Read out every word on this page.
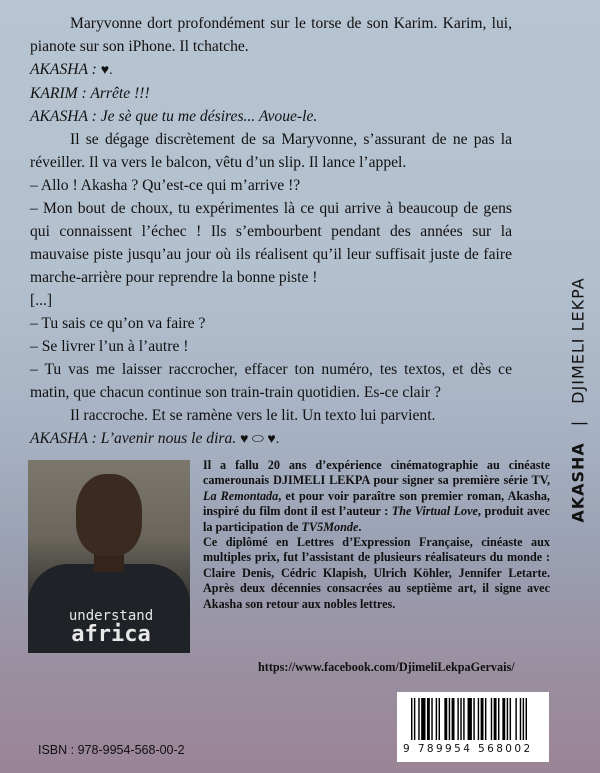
Maryvonne dort profondément sur le torse de son Karim. Karim, lui, pianote sur son iPhone. Il tchatche.

AKASHA : ♥.

KARIM : Arrête !!!

AKASHA : Je sè que tu me désires... Avoue-le.

Il se dégage discrètement de sa Maryvonne, s’assurant de ne pas la réveiller. Il va vers le balcon, vêtu d’un slip. Il lance l’appel.

– Allo ! Akasha ? Qu’est-ce qui m’arrive !?

– Mon bout de choux, tu expérimentes là ce qui arrive à beaucoup de gens qui connaissent l’échec ! Ils s’embourbent pendant des années sur la mauvaise piste jusqu’au jour où ils réalisent qu’il leur suffisait juste de faire marche-arrière pour reprendre la bonne piste !

[...]

– Tu sais ce qu’on va faire ?

– Se livrer l’un à l’autre !

– Tu vas me laisser raccrocher, effacer ton numéro, tes textos, et dès ce matin, que chacun continue son train-train quotidien. Es-ce clair ?

Il raccroche. Et se ramène vers le lit. Un texto lui parvient.

AKASHA : L’avenir nous le dira. ♥ ⬭ ♥.

AKASHA|DJIMELI LEKPA
understand
africa

Il a fallu 20 ans d’expérience cinématographie au cinéaste camerounais DJIMELI LEKPA pour signer sa première série TV, La Remontada, et pour voir paraître son premier roman, Akasha, inspiré du film dont il est l’auteur : The Virtual Love, produit avec la participation de TV5Monde.

Ce diplômé en Lettres d’Expression Française, cinéaste aux multiples prix, fut l’assistant de plusieurs réalisateurs du monde : Claire Denis, Cédric Klapish, Ulrich Köhler, Jennifer Letarte. Après deux décennies consacrées au septième art, il signe avec Akasha son retour aux nobles lettres.

https://www.facebook.com/DjimeliLekpaGervais/
ISBN : 978-9954-568-00-2	9 789954 568002
